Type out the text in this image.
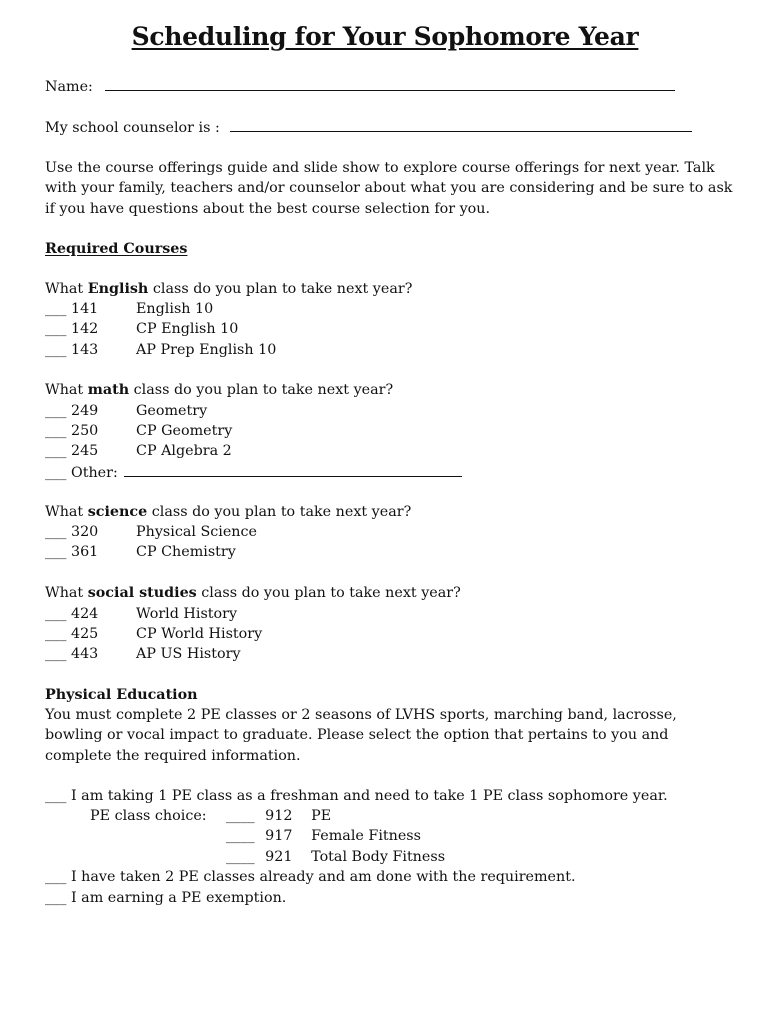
Scheduling for Your Sophomore Year
Name:
My school counselor is :
Use the course offerings guide and slide show to explore course offerings for next year. Talk with your family, teachers and/or counselor about what you are considering and be sure to ask if you have questions about the best course selection for you.
Required Courses
What English class do you plan to take next year?
___ 141	English 10
___ 142	CP English 10
___ 143	AP Prep English 10
What math class do you plan to take next year?
___ 249	Geometry
___ 250	CP Geometry
___ 245	CP Algebra 2
___ Other:
What science class do you plan to take next year?
___ 320	Physical Science
___ 361	CP Chemistry
What social studies class do you plan to take next year?
___ 424	World History
___ 425	CP World History
___ 443	AP US History
Physical Education
You must complete 2 PE classes or 2 seasons of LVHS sports, marching band, lacrosse, bowling or vocal impact to graduate. Please select the option that pertains to you and complete the required information.
___ I am taking 1 PE class as a freshman and need to take 1 PE class sophomore year.
PE class choice: ____ 912 PE
____ 917 Female Fitness
____ 921 Total Body Fitness
___ I have taken 2 PE classes already and am done with the requirement.
___ I am earning a PE exemption.
